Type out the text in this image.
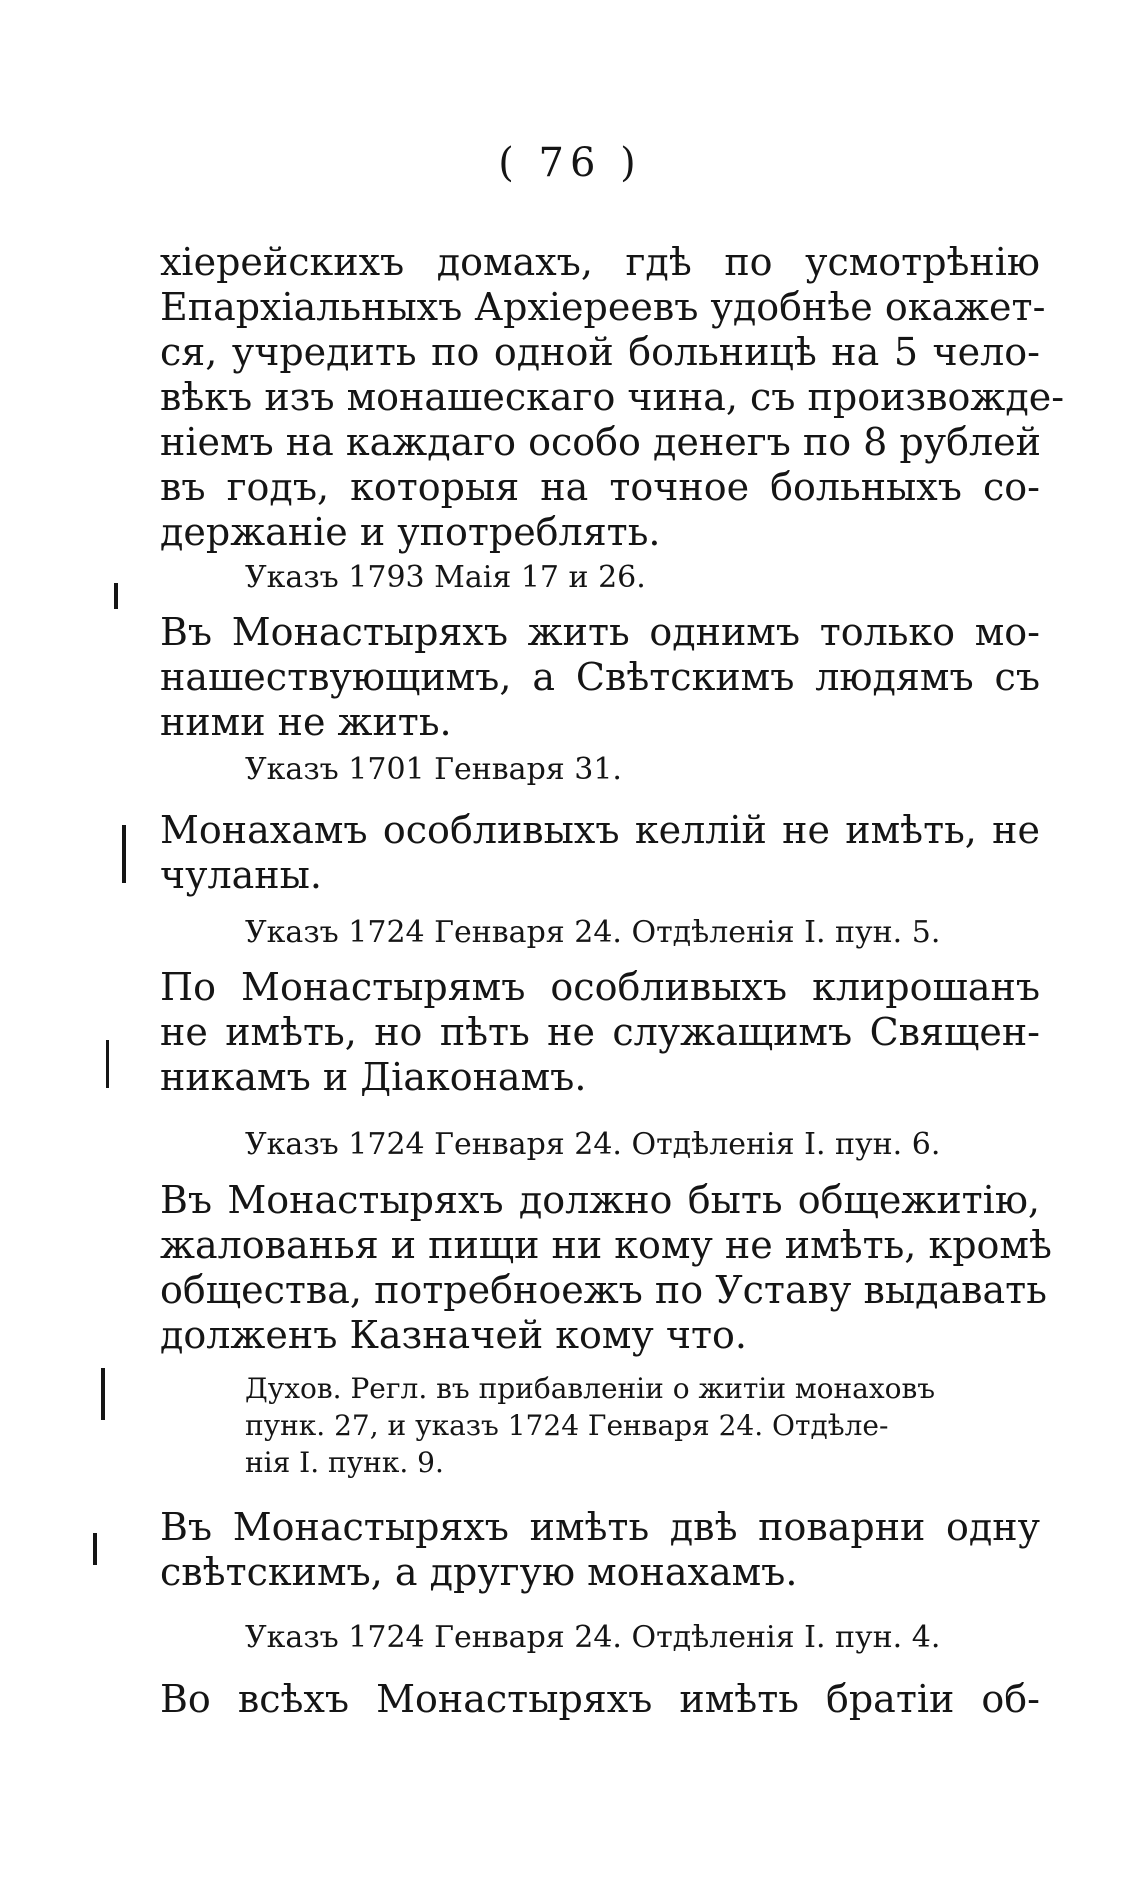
( 76 )
хіерейскихъ домахъ, гдѣ по усмотрѣнію
Епархіальныхъ Архіереевъ удобнѣе окажет-
ся, учредить по одной больницѣ на 5 чело-
вѣкъ изъ монашескаго чина, съ произвожде-
ніемъ на каждаго особо денегъ по 8 рублей
въ годъ, которыя на точное больныхъ со-
держаніе и употреблять.
Указъ 1793 Маія 17 и 26.
Въ Монастыряхъ жить однимъ только мо-
нашествующимъ, а Свѣтскимъ людямъ съ
ними не жить.
Указъ 1701 Генваря 31.
Монахамъ особливыхъ келлій не имѣть, не
чуланы.
Указъ 1724 Генваря 24. Отдѣленія I. пун. 5.
По Монастырямъ особливыхъ клирошанъ
не имѣть, но пѣть не служащимъ Священ-
никамъ и Діаконамъ.
Указъ 1724 Генваря 24. Отдѣленія I. пун. 6.
Въ Монастыряхъ должно быть общежитію,
жалованья и пищи ни кому не имѣть, кромѣ
общества, потребноежъ по Уставу выдавать
долженъ Казначей кому что.
Духов. Регл. въ прибавленіи о житіи монаховъ
пунк. 27, и указъ 1724 Генваря 24. Отдѣле-
нія I. пунк. 9.
Въ Монастыряхъ имѣть двѣ поварни одну
свѣтскимъ, а другую монахамъ.
Указъ 1724 Генваря 24. Отдѣленія I. пун. 4.
Во всѣхъ Монастыряхъ имѣть братіи об-
